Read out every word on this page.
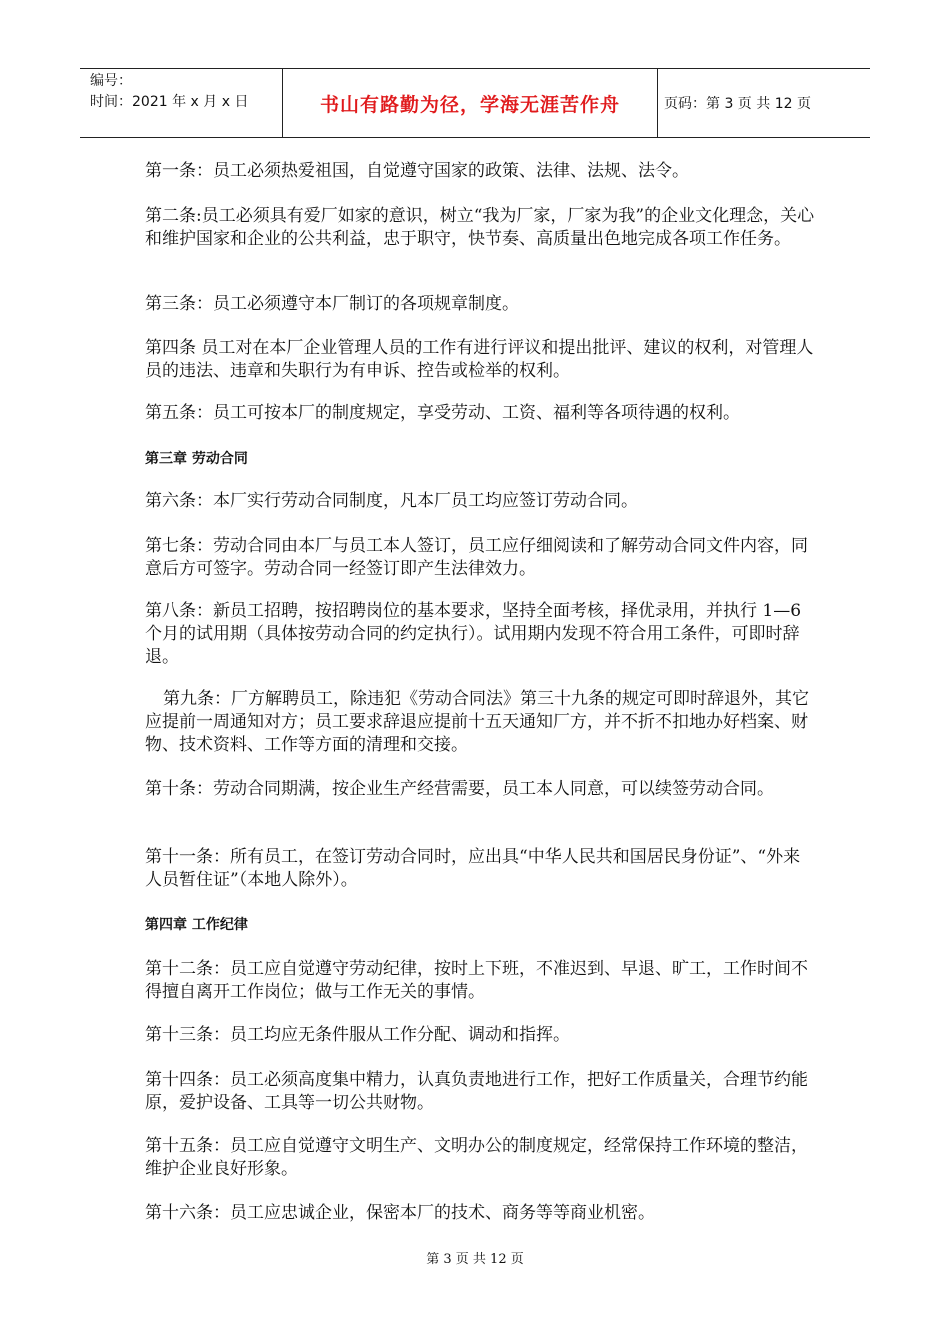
编号：
时间：2021 年 x 月 x 日	书山有路勤为径，学海无涯苦作舟	页码：第 3 页 共 12 页

第一条：员工必须热爱祖国，自觉遵守国家的政策、法律、法规、法令。

第二条:员工必须具有爱厂如家的意识，树立“我为厂家，厂家为我”的企业文化理念，关心和维护国家和企业的公共利益，忠于职守，快节奏、高质量出色地完成各项工作任务。

第三条：员工必须遵守本厂制订的各项规章制度。

第四条 员工对在本厂企业管理人员的工作有进行评议和提出批评、建议的权利，对管理人员的违法、违章和失职行为有申诉、控告或检举的权利。

第五条：员工可按本厂的制度规定，享受劳动、工资、福利等各项待遇的权利。

第三章 劳动合同

第六条：本厂实行劳动合同制度，凡本厂员工均应签订劳动合同。

第七条：劳动合同由本厂与员工本人签订，员工应仔细阅读和了解劳动合同文件内容，同意后方可签字。劳动合同一经签订即产生法律效力。

第八条：新员工招聘，按招聘岗位的基本要求，坚持全面考核，择优录用，并执行 1—6 个月的试用期（具体按劳动合同的约定执行）。试用期内发现不符合用工条件，可即时辞退。

第九条：厂方解聘员工，除违犯《劳动合同法》第三十九条的规定可即时辞退外，其它应提前一周通知对方；员工要求辞退应提前十五天通知厂方，并不折不扣地办好档案、财物、技术资料、工作等方面的清理和交接。

第十条：劳动合同期满，按企业生产经营需要，员工本人同意，可以续签劳动合同。

第十一条：所有员工，在签订劳动合同时，应出具“中华人民共和国居民身份证”、“外来人员暂住证”（本地人除外）。

第四章 工作纪律

第十二条：员工应自觉遵守劳动纪律，按时上下班，不准迟到、早退、旷工，工作时间不得擅自离开工作岗位；做与工作无关的事情。

第十三条：员工均应无条件服从工作分配、调动和指挥。

第十四条：员工必须高度集中精力，认真负责地进行工作，把好工作质量关，合理节约能原，爱护设备、工具等一切公共财物。

第十五条：员工应自觉遵守文明生产、文明办公的制度规定，经常保持工作环境的整洁，维护企业良好形象。

第十六条：员工应忠诚企业，保密本厂的技术、商务等等商业机密。

第 3 页 共 12 页
